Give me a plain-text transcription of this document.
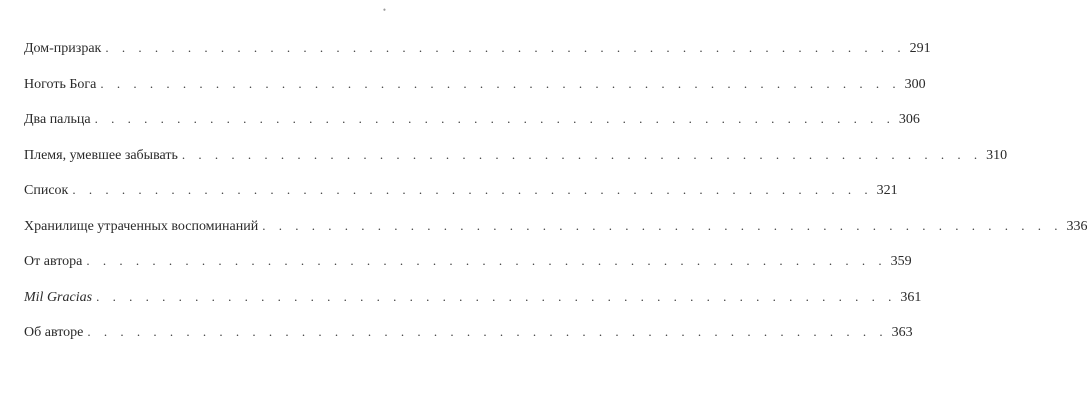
•
Дом-призрак . . . . . . . . . . . . . . . . . . . . . . . . . . . . . . . . . . . . . . . . . . . . . . . . . 291
Ноготь Бога . . . . . . . . . . . . . . . . . . . . . . . . . . . . . . . . . . . . . . . . . . . . . . . . . 300
Два пальца . . . . . . . . . . . . . . . . . . . . . . . . . . . . . . . . . . . . . . . . . . . . . . . . . 306
Племя, умевшее забывать . . . . . . . . . . . . . . . . . . . . . . . . . . . . . . . . . . . . . . . . . . . . . . . . . 310
Список . . . . . . . . . . . . . . . . . . . . . . . . . . . . . . . . . . . . . . . . . . . . . . . . . 321
Хранилище утраченных воспоминаний . . . . . . . . . . . . . . . . . . . . . . . . . . . . . . . . . . . . . . . . . . . . . . . . . 336
От автора . . . . . . . . . . . . . . . . . . . . . . . . . . . . . . . . . . . . . . . . . . . . . . . . . 359
Mil Gracias . . . . . . . . . . . . . . . . . . . . . . . . . . . . . . . . . . . . . . . . . . . . . . . . . 361
Об авторе . . . . . . . . . . . . . . . . . . . . . . . . . . . . . . . . . . . . . . . . . . . . . . . . . 363
